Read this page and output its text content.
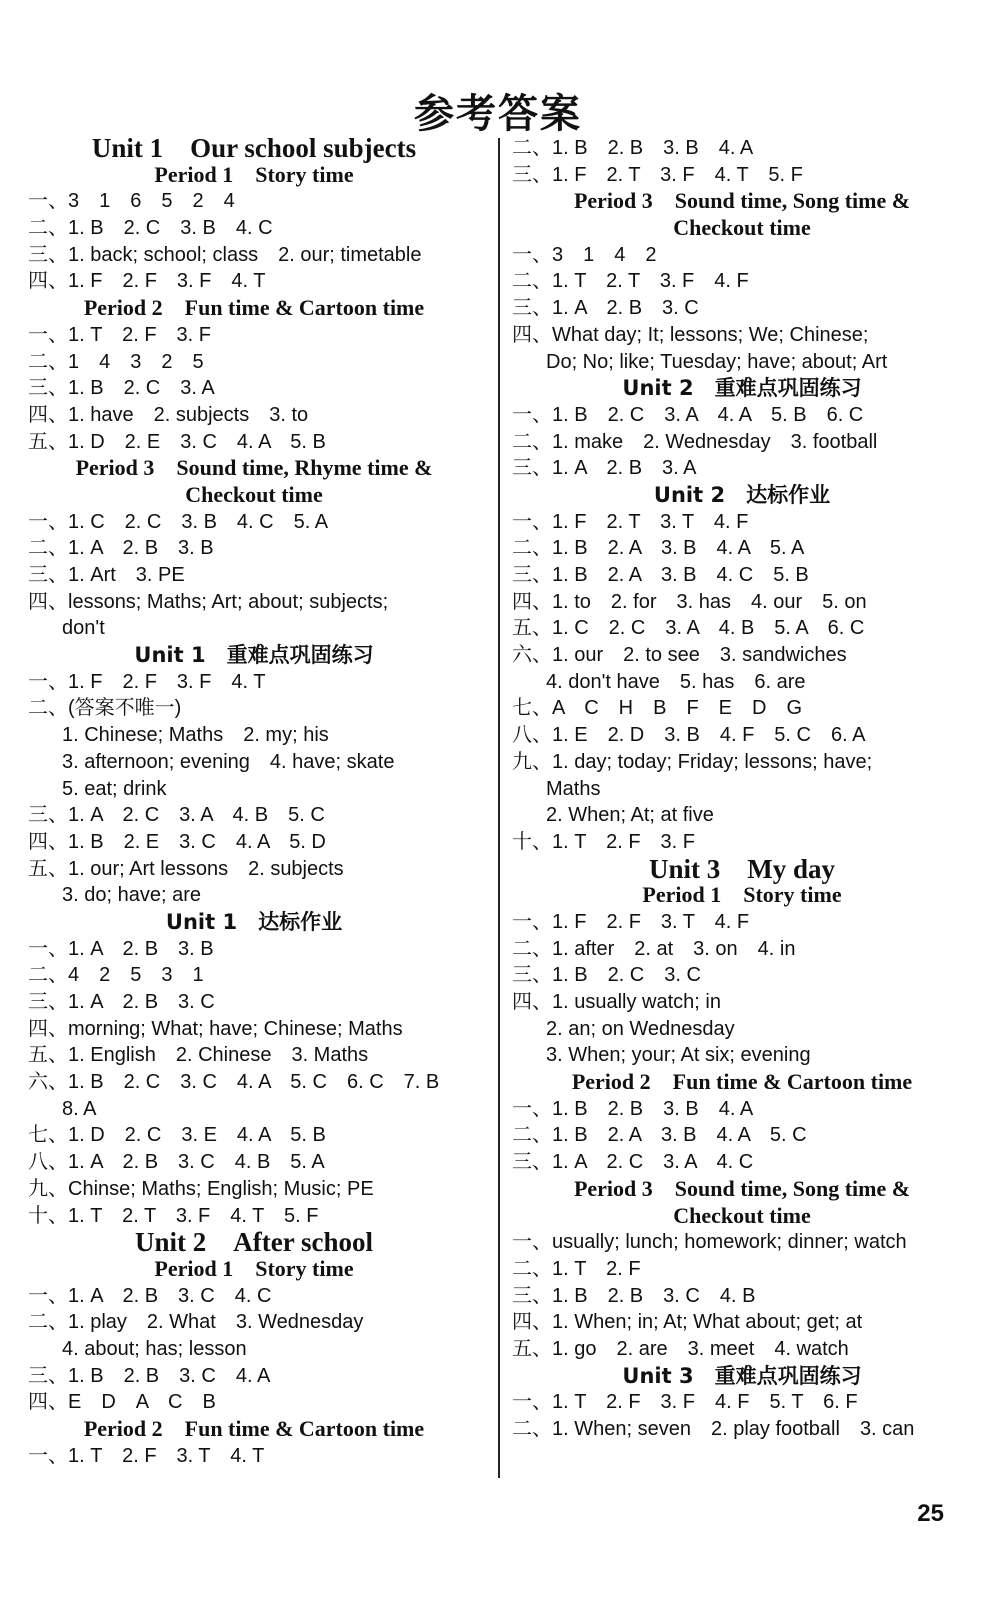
参考答案
Unit 1　Our school subjects
Period 1　Story time
一、3　1　6　5　2　4
二、1. B　2. C　3. B　4. C
三、1. back; school; class　2. our; timetable
四、1. F　2. F　3. F　4. T
Period 2　Fun time & Cartoon time
一、1. T　2. F　3. F
二、1　4　3　2　5
三、1. B　2. C　3. A
四、1. have　2. subjects　3. to
五、1. D　2. E　3. C　4. A　5. B
Period 3　Sound time, Rhyme time &
Checkout time
一、1. C　2. C　3. B　4. C　5. A
二、1. A　2. B　3. B
三、1. Art　3. PE
四、lessons; Maths; Art; about; subjects;
don't
Unit 1　重难点巩固练习
一、1. F　2. F　3. F　4. T
二、(答案不唯一)
1. Chinese; Maths　2. my; his
3. afternoon; evening　4. have; skate
5. eat; drink
三、1. A　2. C　3. A　4. B　5. C
四、1. B　2. E　3. C　4. A　5. D
五、1. our; Art lessons　2. subjects
3. do; have; are
Unit 1　达标作业
一、1. A　2. B　3. B
二、4　2　5　3　1
三、1. A　2. B　3. C
四、morning; What; have; Chinese; Maths
五、1. English　2. Chinese　3. Maths
六、1. B　2. C　3. C　4. A　5. C　6. C　7. B
8. A
七、1. D　2. C　3. E　4. A　5. B
八、1. A　2. B　3. C　4. B　5. A
九、Chinse; Maths; English; Music; PE
十、1. T　2. T　3. F　4. T　5. F
Unit 2　After school
Period 1　Story time
一、1. A　2. B　3. C　4. C
二、1. play　2. What　3. Wednesday
4. about; has; lesson
三、1. B　2. B　3. C　4. A
四、E　D　A　C　B
Period 2　Fun time & Cartoon time
一、1. T　2. F　3. T　4. T
二、1. B　2. B　3. B　4. A
三、1. F　2. T　3. F　4. T　5. F
Period 3　Sound time, Song time &
Checkout time
一、3　1　4　2
二、1. T　2. T　3. F　4. F
三、1. A　2. B　3. C
四、What day; It; lessons; We; Chinese;
Do; No; like; Tuesday; have; about; Art
Unit 2　重难点巩固练习
一、1. B　2. C　3. A　4. A　5. B　6. C
二、1. make　2. Wednesday　3. football
三、1. A　2. B　3. A
Unit 2　达标作业
一、1. F　2. T　3. T　4. F
二、1. B　2. A　3. B　4. A　5. A
三、1. B　2. A　3. B　4. C　5. B
四、1. to　2. for　3. has　4. our　5. on
五、1. C　2. C　3. A　4. B　5. A　6. C
六、1. our　2. to see　3. sandwiches
4. don't have　5. has　6. are
七、A　C　H　B　F　E　D　G
八、1. E　2. D　3. B　4. F　5. C　6. A
九、1. day; today; Friday; lessons; have;
Maths
2. When; At; at five
十、1. T　2. F　3. F
Unit 3　My day
Period 1　Story time
一、1. F　2. F　3. T　4. F
二、1. after　2. at　3. on　4. in
三、1. B　2. C　3. C
四、1. usually watch; in
2. an; on Wednesday
3. When; your; At six; evening
Period 2　Fun time & Cartoon time
一、1. B　2. B　3. B　4. A
二、1. B　2. A　3. B　4. A　5. C
三、1. A　2. C　3. A　4. C
Period 3　Sound time, Song time &
Checkout time
一、usually; lunch; homework; dinner; watch
二、1. T　2. F
三、1. B　2. B　3. C　4. B
四、1. When; in; At; What about; get; at
五、1. go　2. are　3. meet　4. watch
Unit 3　重难点巩固练习
一、1. T　2. F　3. F　4. F　5. T　6. F
二、1. When; seven　2. play football　3. can
25
